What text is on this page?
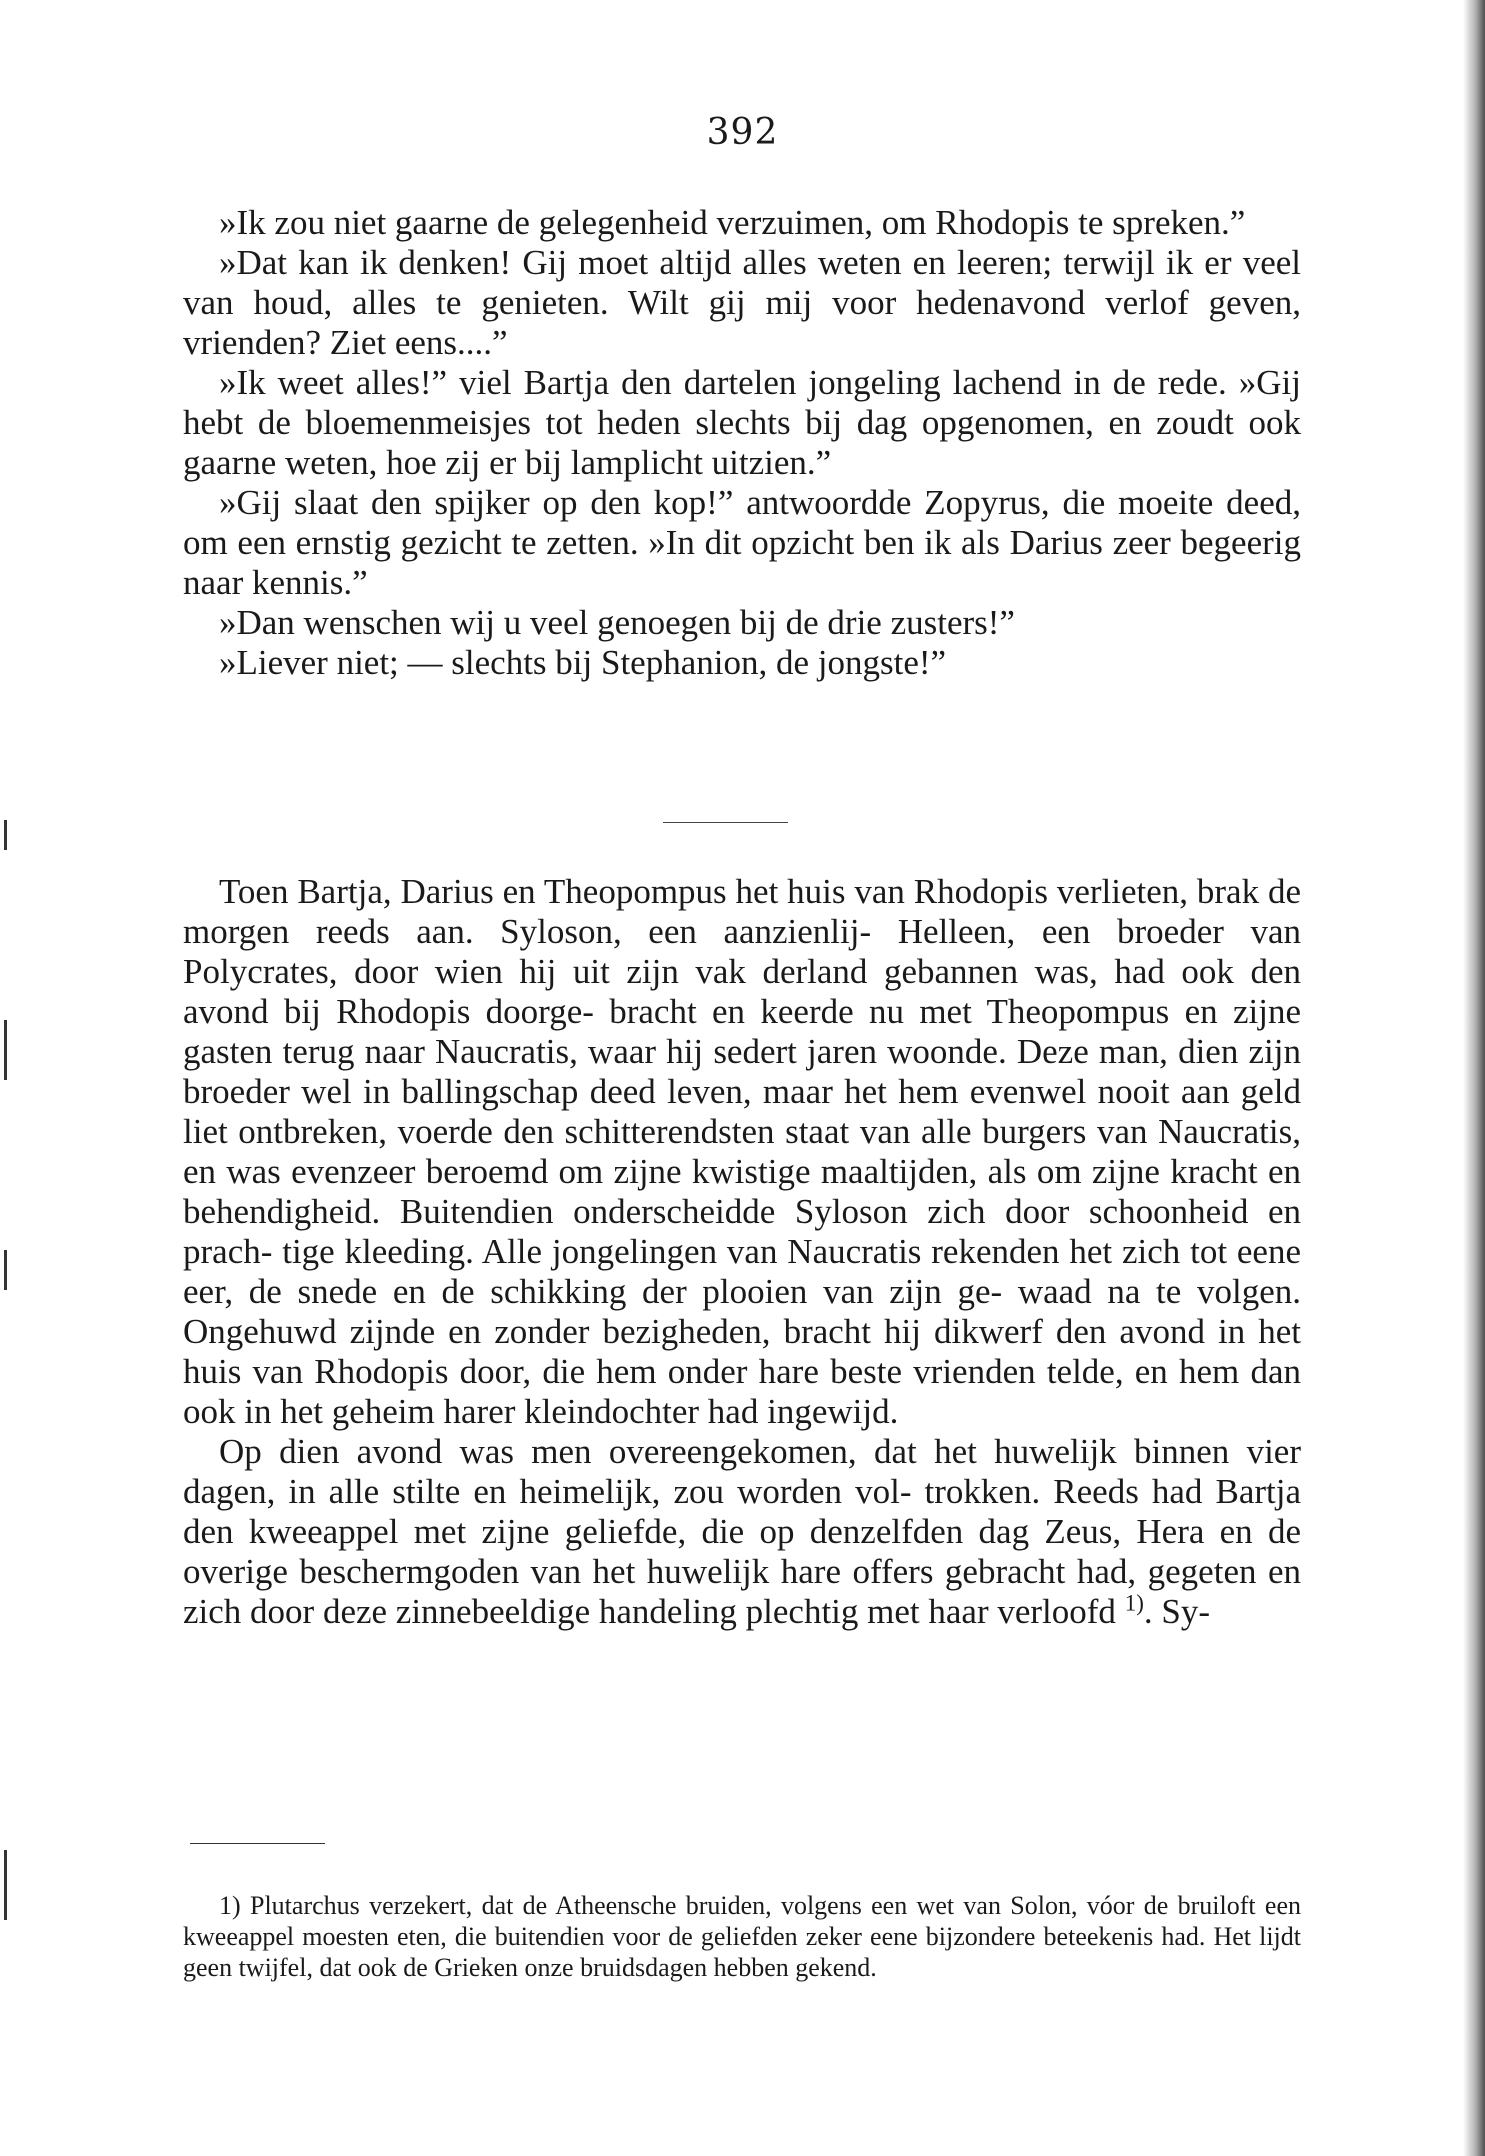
392

»Ik zou niet gaarne de gelegenheid verzuimen, om Rhodopis te spreken.”

»Dat kan ik denken! Gij moet altijd alles weten en leeren; terwijl ik er veel van houd, alles te genieten. Wilt gij mij voor hedenavond verlof geven, vrienden? Ziet eens....”

»Ik weet alles!” viel Bartja den dartelen jongeling lachend in de rede. »Gij hebt de bloemenmeisjes tot heden slechts bij dag opgenomen, en zoudt ook gaarne weten, hoe zij er bij lamplicht uitzien.”

»Gij slaat den spijker op den kop!” antwoordde Zopyrus, die moeite deed, om een ernstig gezicht te zetten. »In dit opzicht ben ik als Darius zeer begeerig naar kennis.”

»Dan wenschen wij u veel genoegen bij de drie zusters!”

»Liever niet; — slechts bij Stephanion, de jongste!”

Toen Bartja, Darius en Theopompus het huis van Rhodopis verlieten, brak de morgen reeds aan. Syloson, een aanzienlij- Helleen, een broeder van Polycrates, door wien hij uit zijn vak derland gebannen was, had ook den avond bij Rhodopis doorge- bracht en keerde nu met Theopompus en zijne gasten terug naar Naucratis, waar hij sedert jaren woonde. Deze man, dien zijn broeder wel in ballingschap deed leven, maar het hem evenwel nooit aan geld liet ontbreken, voerde den schitterendsten staat van alle burgers van Naucratis, en was evenzeer beroemd om zijne kwistige maaltijden, als om zijne kracht en behendigheid. Buitendien onderscheidde Syloson zich door schoonheid en prach- tige kleeding. Alle jongelingen van Naucratis rekenden het zich tot eene eer, de snede en de schikking der plooien van zijn ge- waad na te volgen. Ongehuwd zijnde en zonder bezigheden, bracht hij dikwerf den avond in het huis van Rhodopis door, die hem onder hare beste vrienden telde, en hem dan ook in het geheim harer kleindochter had ingewijd.

Op dien avond was men overeengekomen, dat het huwelijk binnen vier dagen, in alle stilte en heimelijk, zou worden vol- trokken. Reeds had Bartja den kweeappel met zijne geliefde, die op denzelfden dag Zeus, Hera en de overige beschermgoden van het huwelijk hare offers gebracht had, gegeten en zich door deze zinnebeeldige handeling plechtig met haar verloofd $^{1)}$. Sy-

1) Plutarchus verzekert, dat de Atheensche bruiden, volgens een wet van Solon, vóor de bruiloft een kweeappel moesten eten, die buitendien voor de geliefden zeker eene bijzondere beteekenis had. Het lijdt geen twijfel, dat ook de Grieken onze bruidsdagen hebben gekend.
